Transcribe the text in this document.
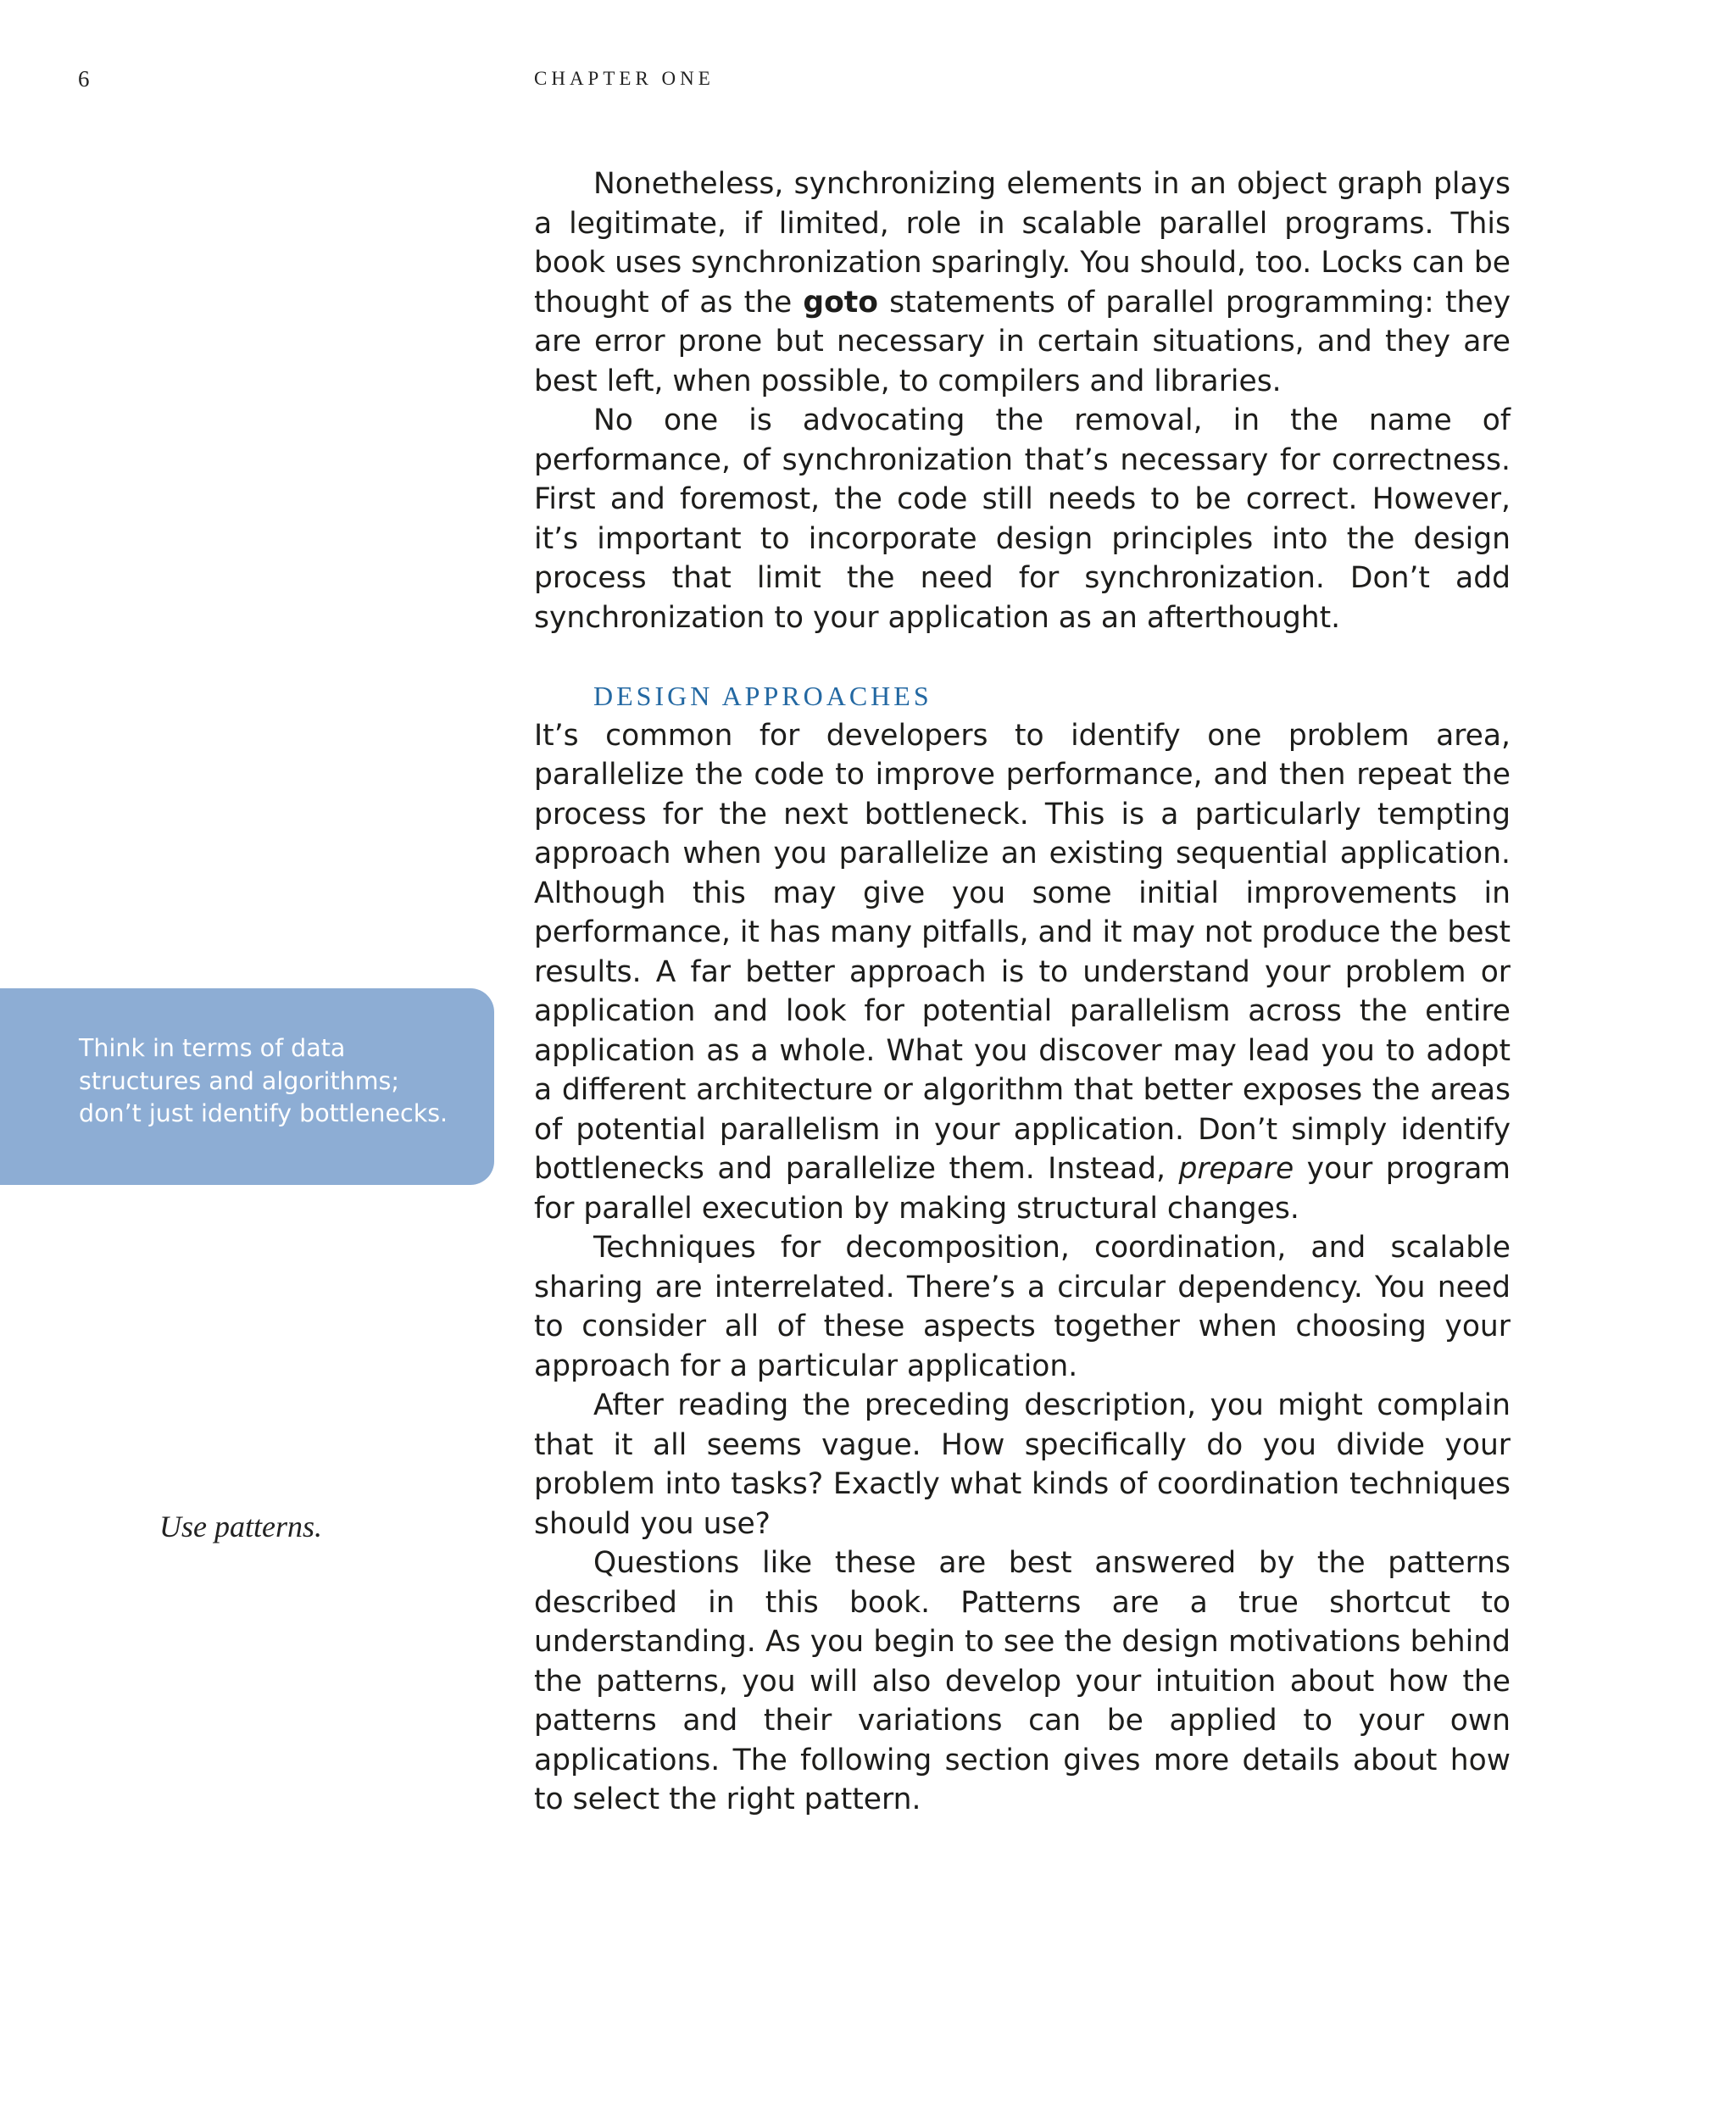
6	CHAPTER ONE

Nonetheless, synchronizing elements in an object graph plays a legitimate, if limited, role in scalable parallel programs. This book uses synchronization sparingly. You should, too. Locks can be thought of as the goto statements of parallel programming: they are error prone but necessary in certain situations, and they are best left, when possible, to compilers and libraries.

No one is advocating the removal, in the name of performance, of synchronization that’s necessary for correctness. First and foremost, the code still needs to be correct. However, it’s important to incorporate design principles into the design process that limit the need for synchronization. Don’t add synchronization to your application as an afterthought.

DESIGN APPROACHES

It’s common for developers to identify one problem area, parallelize the code to improve performance, and then repeat the process for the next bottleneck. This is a particularly tempting approach when you parallelize an existing sequential application. Although this may give you some initial improvements in performance, it has many pitfalls, and it may not produce the best results. A far better approach is to understand your problem or application and look for potential parallelism across the entire application as a whole. What you discover may lead you to adopt a different architecture or algorithm that better exposes the areas of potential parallelism in your application. Don’t simply identify bottlenecks and parallelize them. Instead, prepare your program for parallel execution by making structural changes.

Techniques for decomposition, coordination, and scalable sharing are interrelated. There’s a circular dependency. You need to consider all of these aspects together when choosing your approach for a particular application.

After reading the preceding description, you might complain that it all seems vague. How specifically do you divide your problem into tasks? Exactly what kinds of coordination techniques should you use?

Questions like these are best answered by the patterns described in this book. Patterns are a true shortcut to understanding. As you begin to see the design motivations behind the patterns, you will also develop your intuition about how the patterns and their variations can be applied to your own applications. The following section gives more details about how to select the right pattern.

Think in terms of data
structures and algorithms;
don’t just identify bottlenecks.
Use patterns.
